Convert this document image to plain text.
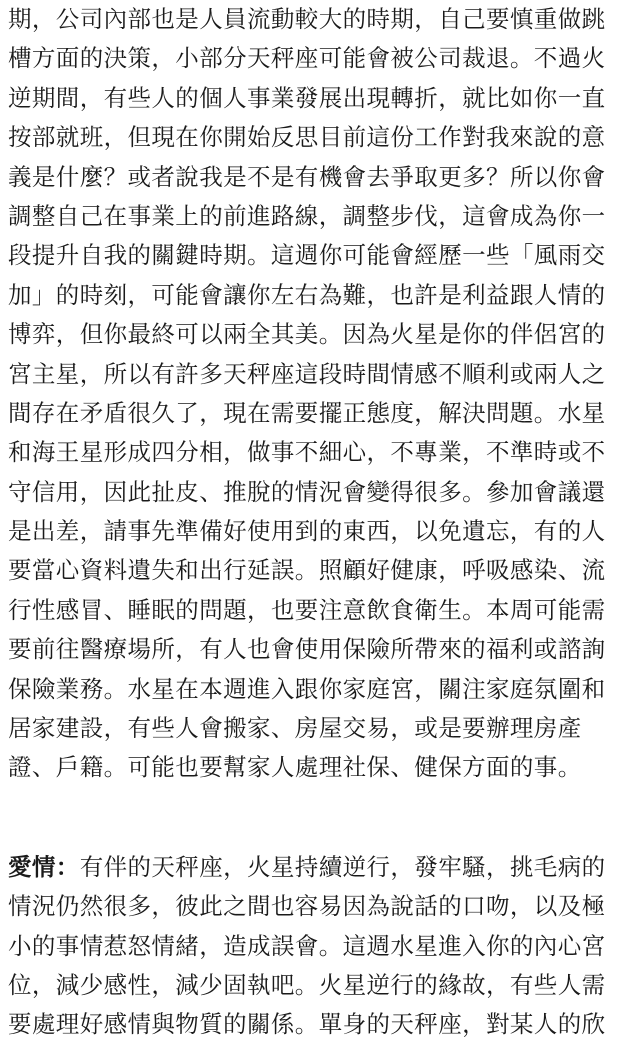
期，公司內部也是人員流動較大的時期，自己要慎重做跳
槽方面的決策，小部分天秤座可能會被公司裁退。不過火
逆期間，有些人的個人事業發展出現轉折，就比如你一直
按部就班，但現在你開始反思目前這份工作對我來說的意
義是什麼？或者說我是不是有機會去爭取更多？所以你會
調整自己在事業上的前進路線，調整步伐，這會成為你一
段提升自我的關鍵時期。這週你可能會經歷一些「風雨交
加」的時刻，可能會讓你左右為難，也許是利益跟人情的
博弈，但你最終可以兩全其美。因為火星是你的伴侶宮的
宮主星，所以有許多天秤座這段時間情感不順利或兩人之
間存在矛盾很久了，現在需要擺正態度，解決問題。水星
和海王星形成四分相，做事不細心，不專業，不準時或不
守信用，因此扯皮、推脫的情況會變得很多。參加會議還
是出差，請事先準備好使用到的東西，以免遺忘，有的人
要當心資料遺失和出行延誤。照顧好健康，呼吸感染、流
行性感冒、睡眠的問題，也要注意飲食衛生。本周可能需
要前往醫療場所，有人也會使用保險所帶來的福利或諮詢
保險業務。水星在本週進入跟你家庭宮，關注家庭氛圍和
居家建設，有些人會搬家、房屋交易，或是要辦理房產
證、戶籍。可能也要幫家人處理社保、健保方面的事。
愛情：有伴的天秤座，火星持續逆行，發牢騷，挑毛病的
情況仍然很多，彼此之間也容易因為說話的口吻，以及極
小的事情惹怒情緒，造成誤會。這週水星進入你的內心宮
位，減少感性，減少固執吧。火星逆行的緣故，有些人需
要處理好感情與物質的關係。單身的天秤座，對某人的欣
